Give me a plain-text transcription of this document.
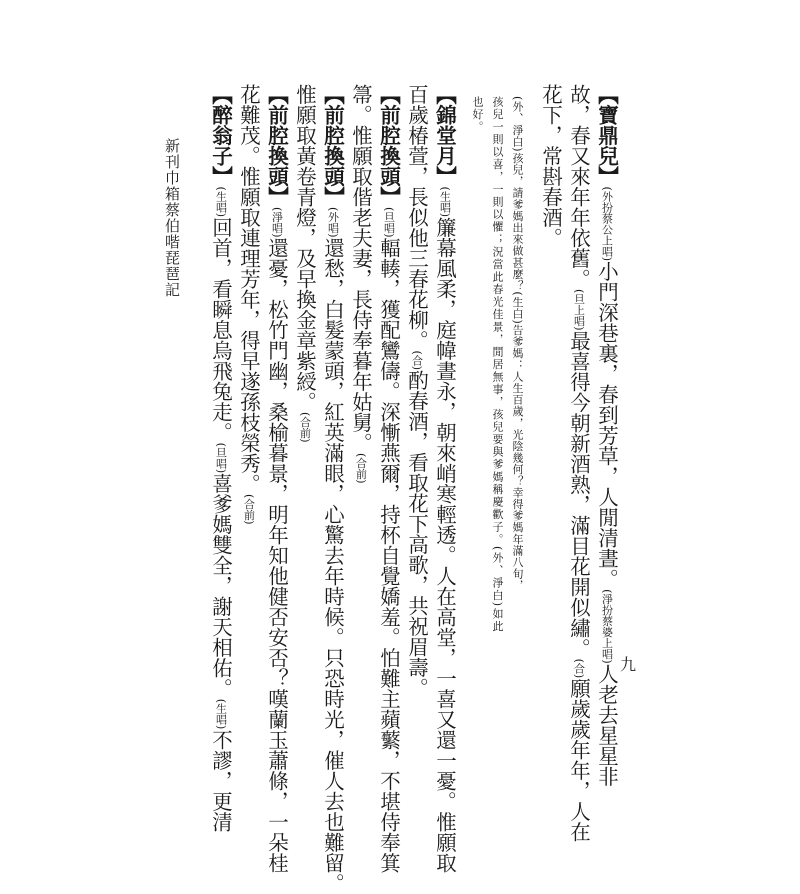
【寶鼎兒】(外扮蔡公上唱)小門深巷裏，春到芳草，人閒清晝。(淨扮蔡婆上唱)人老去星星非
故，春又來年年依舊。(旦上唱)最喜得今朝新酒熟，滿目花開似繡。(合)願歲歲年年，人在
花下，常斟春酒。
(外、淨白)孩兒，請爹媽出來做甚麼？(生白)告爹媽：人生百歲，光陰幾何？幸得爹媽年滿八旬，
孩兒一則以喜，一則以懼；況當此春光佳景，閒居無事，孩兒要與爹媽稱慶歡子。(外、淨白)如此
也好。
【錦堂月】(生唱)簾幕風柔，庭幃晝永，朝來峭寒輕透。人在高堂，一喜又還一憂。惟願取
百歲椿萱，長似他三春花柳。(合)酌春酒，看取花下高歌，共祝眉壽。
【前腔換頭】(旦唱)輻輳，獲配鸞儔。深慚燕爾，持杯自覺嬌羞。怕難主蘋蘩，不堪侍奉箕
箒。惟願取偕老夫妻，長侍奉暮年姑舅。(合前)
【前腔換頭】(外唱)還愁，白髮蒙頭，紅英滿眼，心驚去年時候。只恐時光，催人去也難留。
惟願取黃卷青燈，及早換金章紫綬。(合前)
【前腔換頭】(淨唱)還憂，松竹門幽，桑榆暮景，明年知他健否安否？嘆蘭玉蕭條，一朵桂
花難茂。惟願取連理芳年，得早遂孫枝榮秀。(合前)
【醉翁子】(生唱)回首，看瞬息烏飛兔走。(旦唱)喜爹媽雙全，謝天相佑。(生唱)不謬，更清
新刊巾箱蔡伯喈琵琶記
九
